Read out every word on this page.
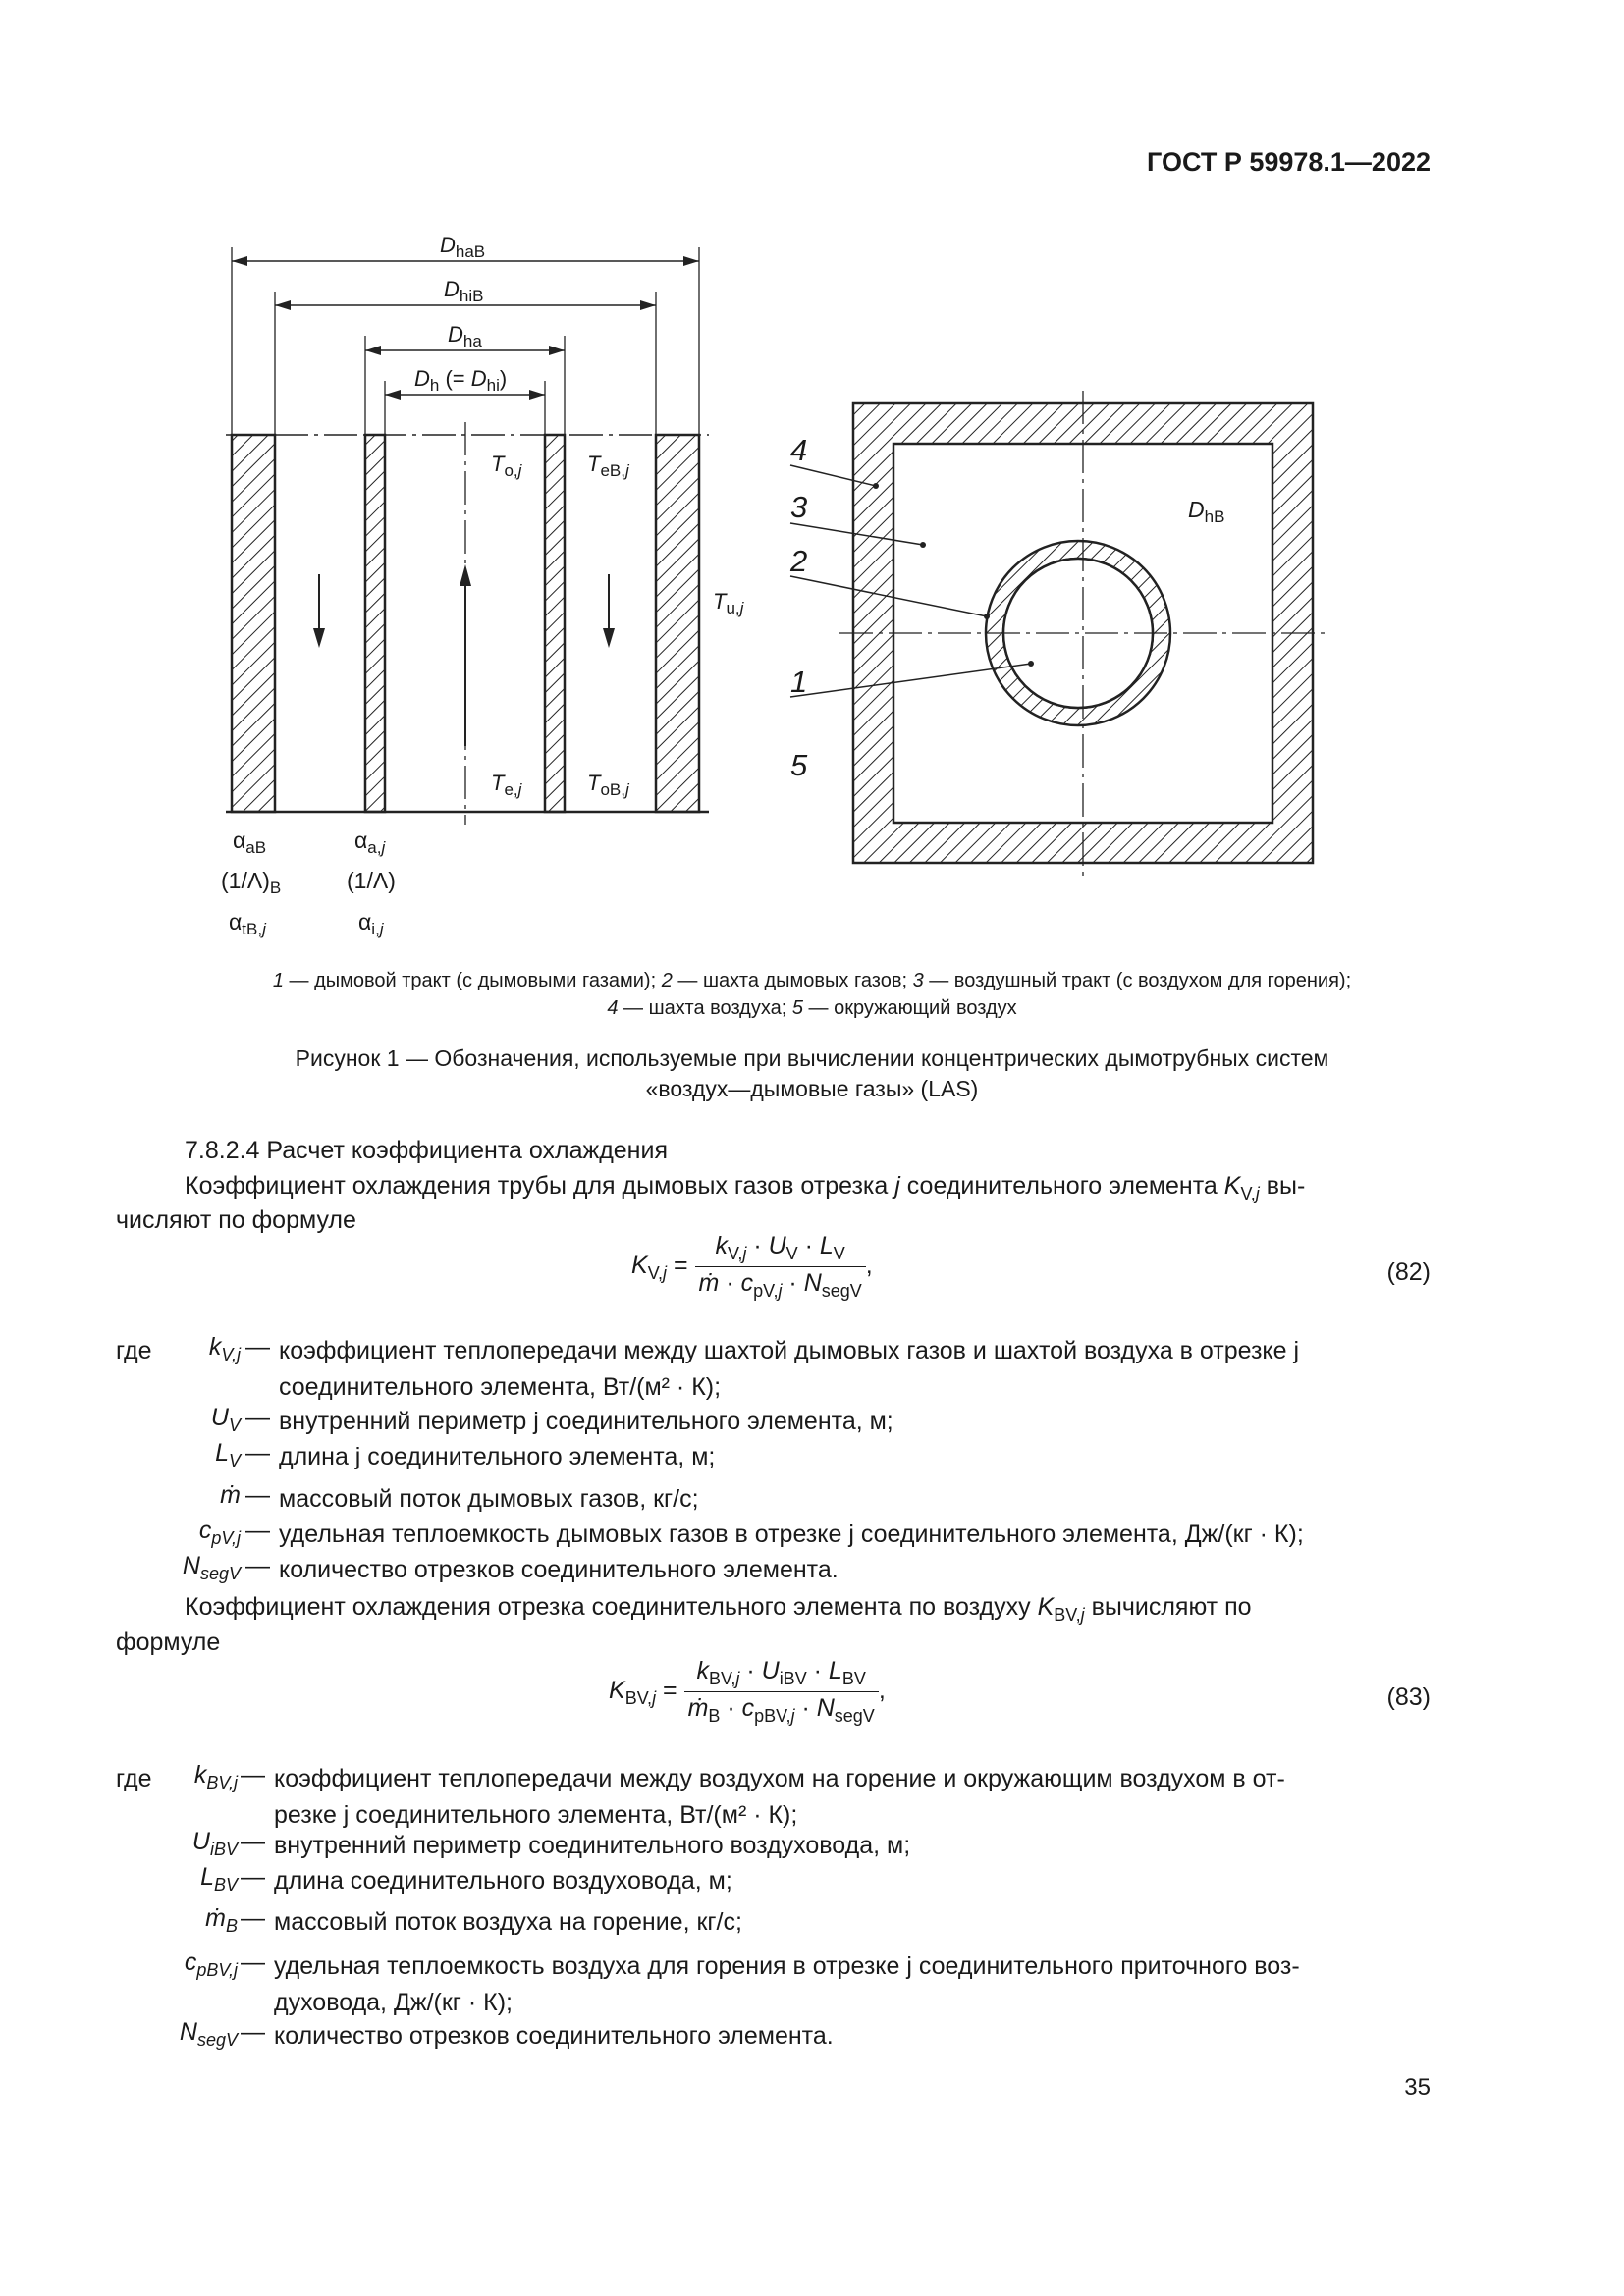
ГОСТ Р 59978.1—2022
$D_{haB}$
$D_{hiB}$
$D_{ha}$
$D_h$ (= $D_{hi}$)
$T_{o,}j$	$T_{eB,}j$
$T_{u,}j$
$T_{e,}j$	$T_{oB,}j$
$\alpha_{aB}$
$(1/\Lambda)_B$
$\alpha_{tB,}j$
$\alpha_{a,}j$
(1/Λ)
$\alpha_{i,}j$
4
3
2
1
5
$D_{hB}$
1 — дымовой тракт (с дымовыми газами); 2 — шахта дымовых газов; 3 — воздушный тракт (с воздухом для горения);
4 — шахта воздуха; 5 — окружающий воздух
Рисунок 1 — Обозначения, используемые при вычислении концентрических дымотрубных систем
«воздух—дымовые газы» (LAS)
7.8.2.4 Расчет коэффициента охлаждения
Коэффициент охлаждения трубы для дымовых газов отрезка j соединительного элемента $K_{V,j}$ вы-
числяют по формуле
$K_{V,j} = \frac{k_{V,j} \cdot U_V \cdot L_V}{ṁ \cdot c_{pV,j} \cdot N_{segV}}$ ,	(82)
где	$k_{V,j}$ — коэффициент теплопередачи между шахтой дымовых газов и шахтой воздуха в отрезке j
соединительного элемента, Вт/(м² · К);
$U_V$ — внутренний периметр j соединительного элемента, м;
$L_V$ — длина j соединительного элемента, м;
ṁ — массовый поток дымовых газов, кг/с;
$c_{pV,j}$ — удельная теплоемкость дымовых газов в отрезке j соединительного элемента, Дж/(кг · К);
$N_{segV}$ — количество отрезков соединительного элемента.
Коэффициент охлаждения отрезка соединительного элемента по воздуху $K_{BV,j}$ вычисляют по
формуле
$K_{BV,j} = \frac{k_{BV,j} \cdot U_{iBV} \cdot L_{BV}}{ṁ_B \cdot c_{pBV,j} \cdot N_{segV}}$ ,	(83)
где	$k_{BV,j}$ — коэффициент теплопередачи между воздухом на горение и окружающим воздухом в от-
резке j соединительного элемента, Вт/(м² · К);
$U_{iBV}$ — внутренний периметр соединительного воздуховода, м;
$L_{BV}$ — длина соединительного воздуховода, м;
ṁ$_B$ — массовый поток воздуха на горение, кг/с;
$c_{pBV,j}$ — удельная теплоемкость воздуха для горения в отрезке j соединительного приточного воз-
духовода, Дж/(кг · К);
$N_{segV}$ — количество отрезков соединительного элемента.
35
